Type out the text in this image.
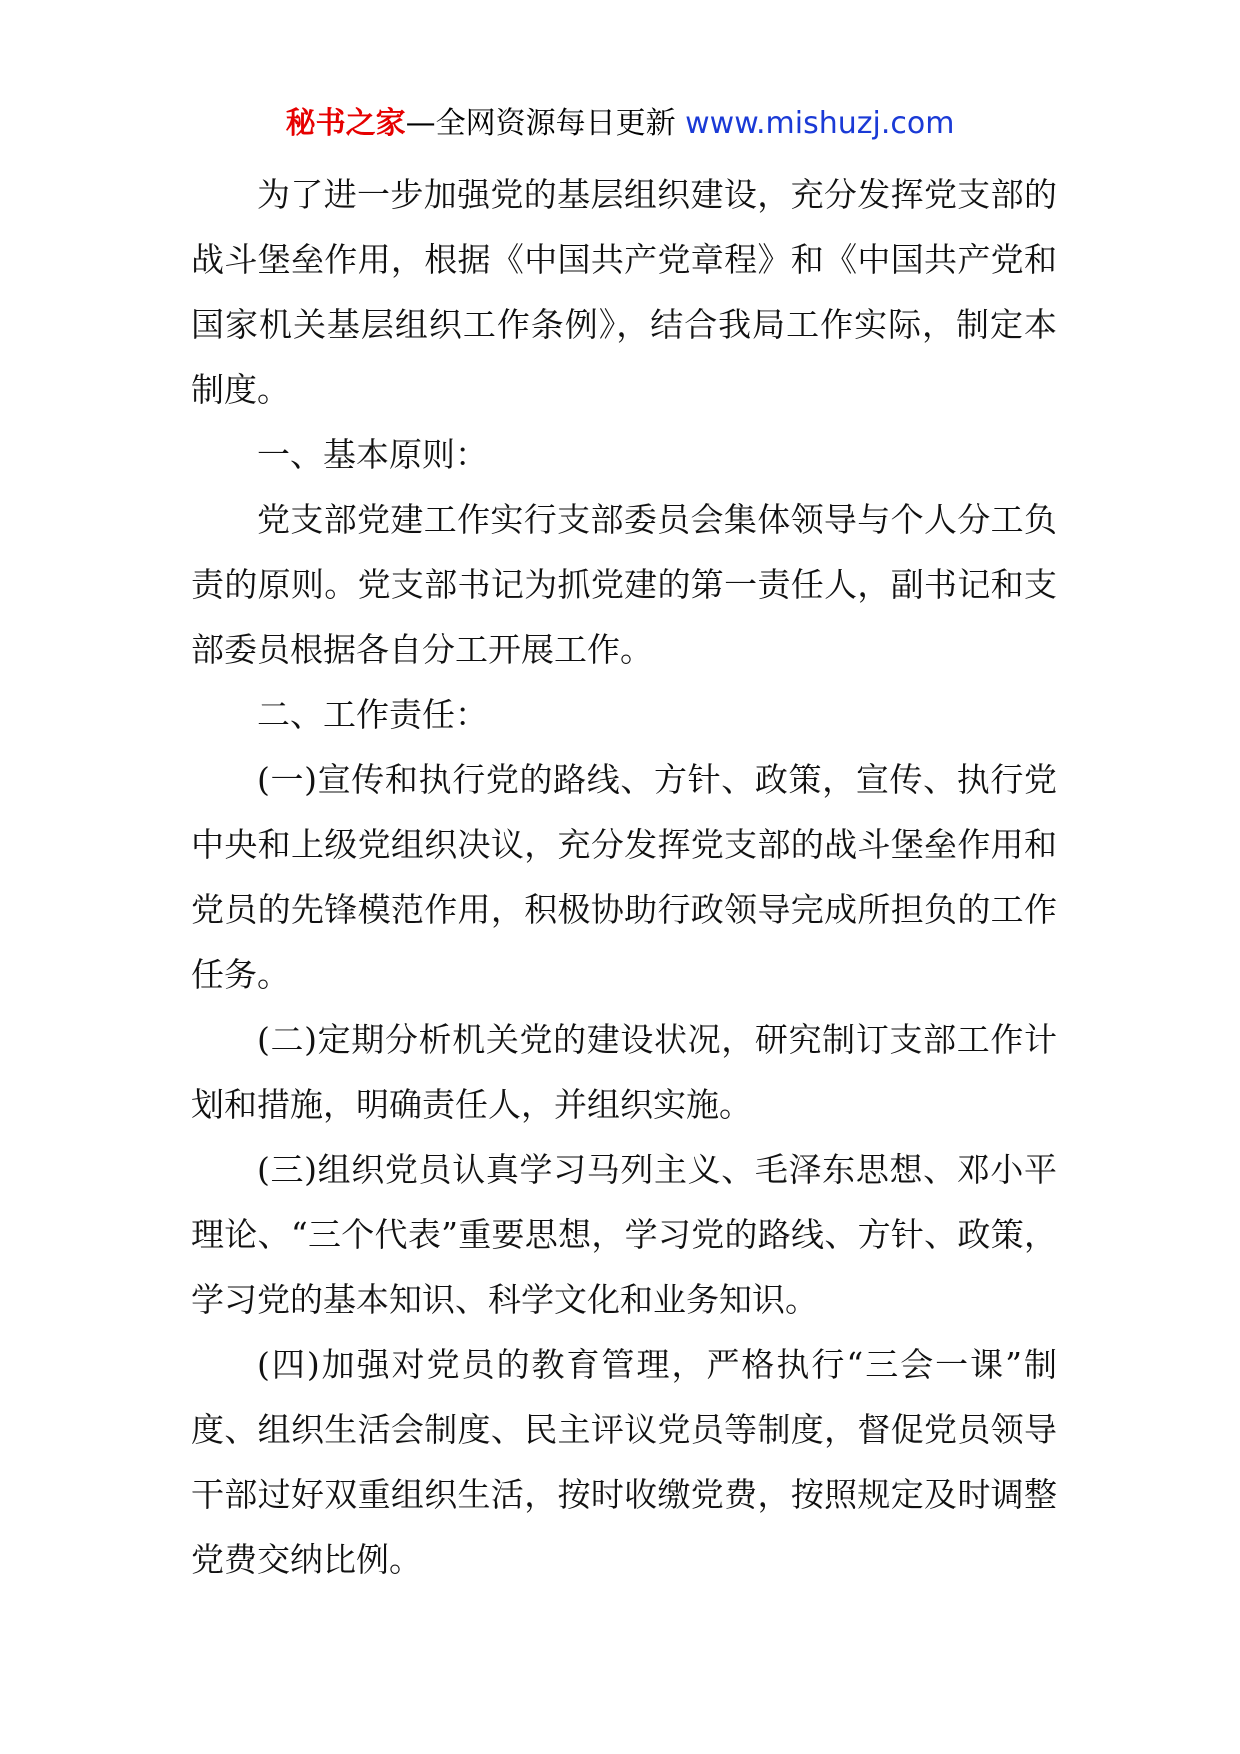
秘书之家—全网资源每日更新 www.mishuzj.com

为了进一步加强党的基层组织建设，充分发挥党支部的战斗堡垒作用，根据《中国共产党章程》和《中国共产党和国家机关基层组织工作条例》，结合我局工作实际，制定本制度。

一、基本原则：

党支部党建工作实行支部委员会集体领导与个人分工负责的原则。党支部书记为抓党建的第一责任人，副书记和支部委员根据各自分工开展工作。

二、工作责任：

(一)宣传和执行党的路线、方针、政策，宣传、执行党中央和上级党组织决议，充分发挥党支部的战斗堡垒作用和党员的先锋模范作用，积极协助行政领导完成所担负的工作任务。

(二)定期分析机关党的建设状况，研究制订支部工作计划和措施，明确责任人，并组织实施。

(三)组织党员认真学习马列主义、毛泽东思想、邓小平理论、“三个代表”重要思想，学习党的路线、方针、政策，学习党的基本知识、科学文化和业务知识。

(四)加强对党员的教育管理，严格执行“三会一课”制度、组织生活会制度、民主评议党员等制度，督促党员领导干部过好双重组织生活，按时收缴党费，按照规定及时调整党费交纳比例。
